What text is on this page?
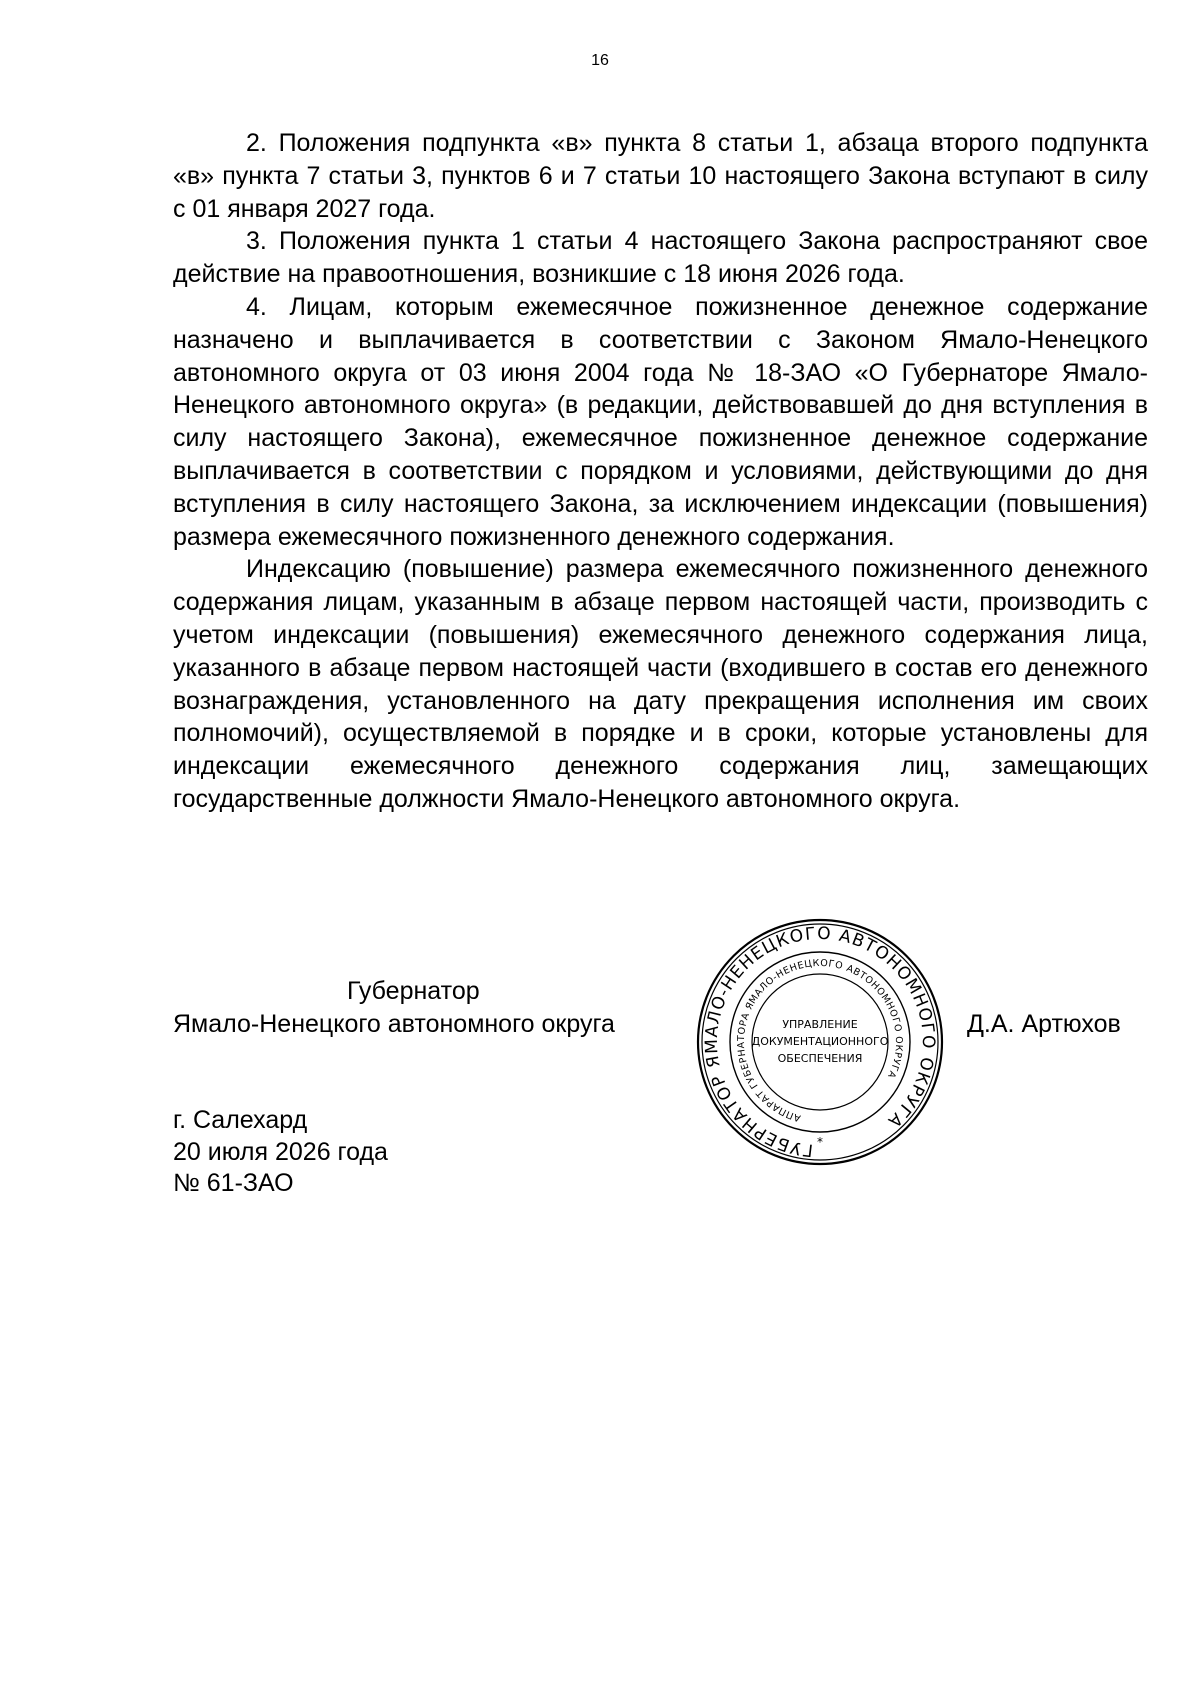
16

2. Положения подпункта «в» пункта 8 статьи 1, абзаца второго подпункта «в» пункта 7 статьи 3, пунктов 6 и 7 статьи 10 настоящего Закона вступают в силу с 01 января 2027 года.

3. Положения пункта 1 статьи 4 настоящего Закона распространяют свое действие на правоотношения, возникшие с 18 июня 2026 года.

4. Лицам, которым ежемесячное пожизненное денежное содержание назначено и выплачивается в соответствии с Законом Ямало-Ненецкого автономного округа от 03 июня 2004 года № 18-ЗАО «О Губернаторе Ямало-Ненецкого автономного округа» (в редакции, действовавшей до дня вступления в силу настоящего Закона), ежемесячное пожизненное денежное содержание выплачивается в соответствии с порядком и условиями, действующими до дня вступления в силу настоящего Закона, за исключением индексации (повышения) размера ежемесячного пожизненного денежного содержания.

Индексацию (повышение) размера ежемесячного пожизненного денежного содержания лицам, указанным в абзаце первом настоящей части, производить с учетом индексации (повышения) ежемесячного денежного содержания лица, указанного в абзаце первом настоящей части (входившего в состав его денежного вознаграждения, установленного на дату прекращения исполнения им своих полномочий), осуществляемой в порядке и в сроки, которые установлены для индексации ежемесячного денежного содержания лиц, замещающих государственные должности Ямало-Ненецкого автономного округа.

Губернатор
Ямало-Ненецкого автономного округа	Д.А. Артюхов
ГУБЕРНАТОР ЯМАЛО-НЕНЕЦКОГО АВТОНОМНОГО ОКРУГА
АППАРАТ ГУБЕРНАТОРА ЯМАЛО-НЕНЕЦКОГО АВТОНОМНОГО ОКРУГА
*
УПРАВЛЕНИЕ
ДОКУМЕНТАЦИОННОГО
ОБЕСПЕЧЕНИЯ
г. Салехард
20 июля 2026 года
№ 61-ЗАО
